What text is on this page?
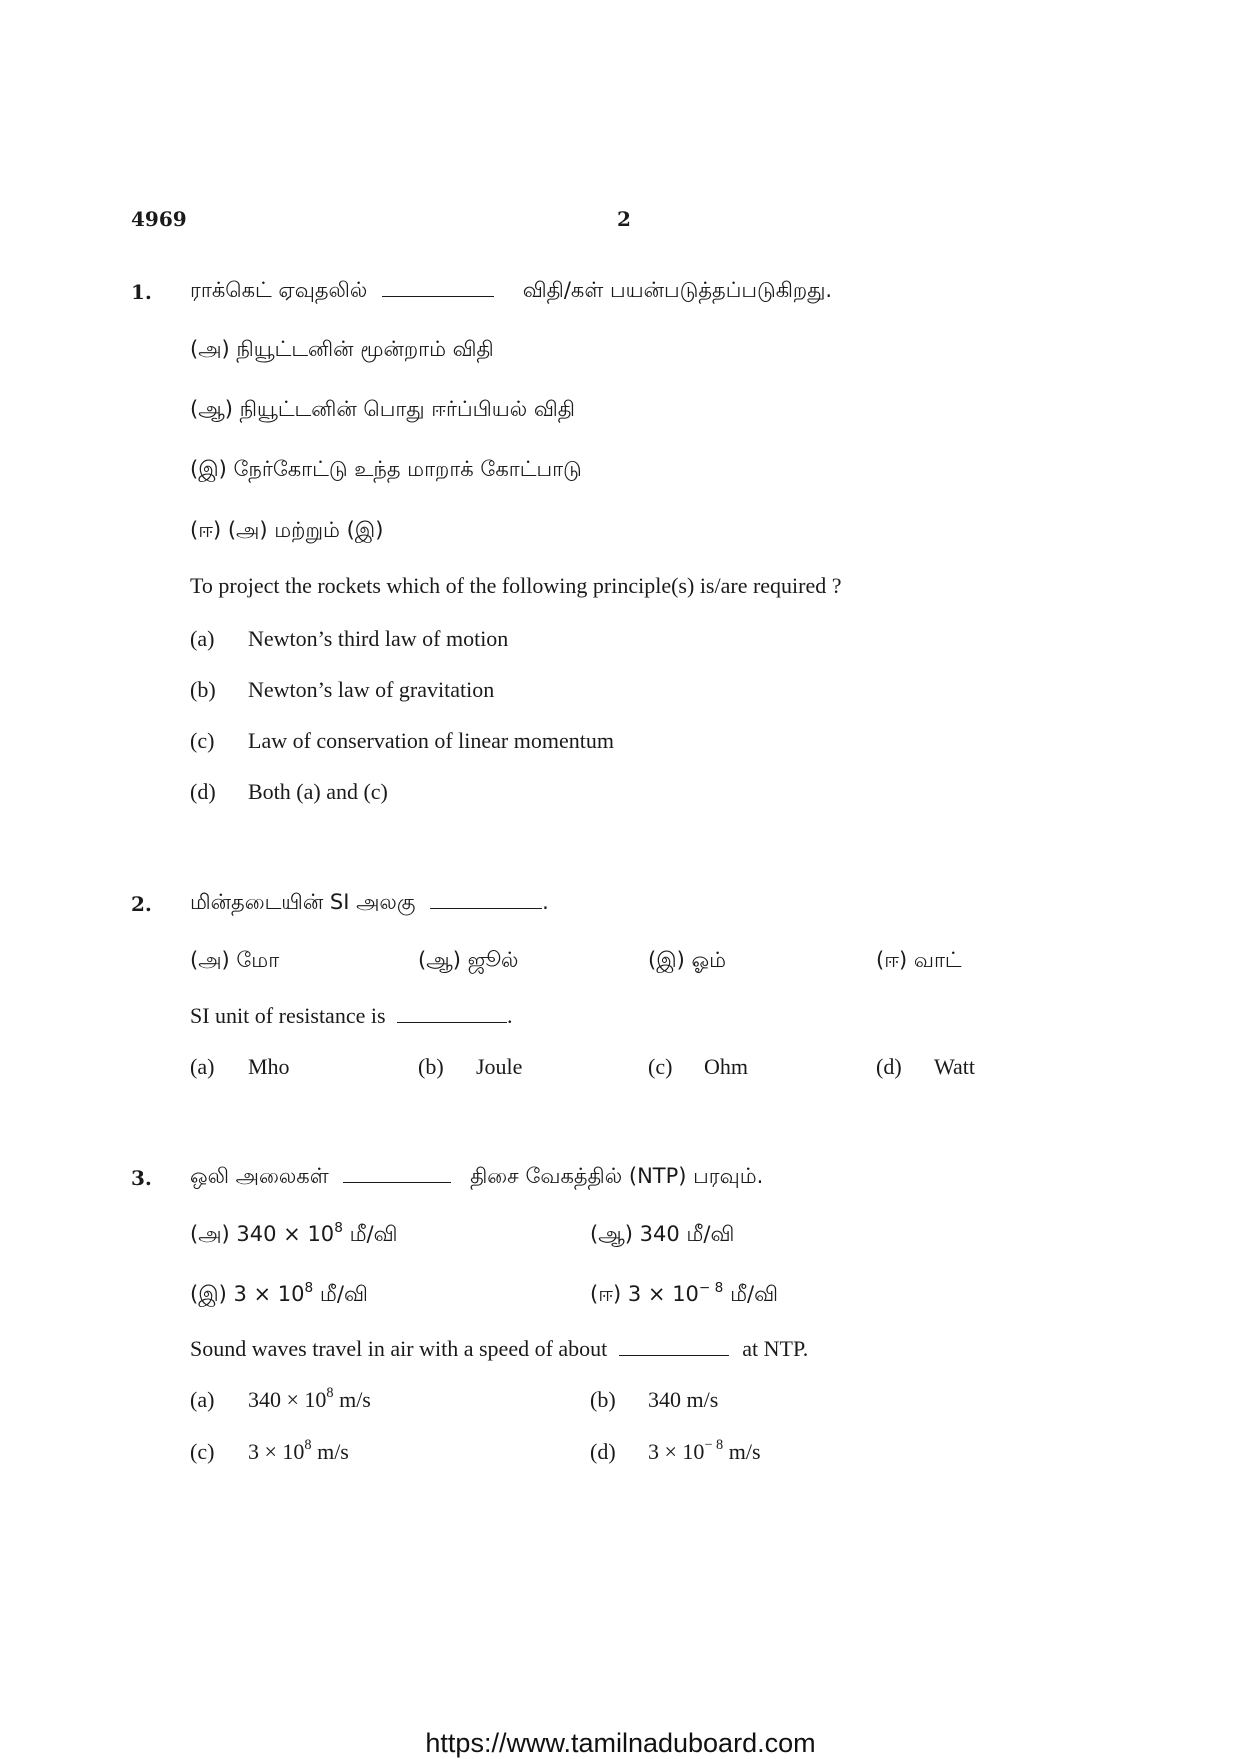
4969	2
1. ராக்கெட் ஏவுதலில்	விதி/கள் பயன்படுத்தப்படுகிறது.
(அ) நியூட்டனின் மூன்றாம் விதி
(ஆ) நியூட்டனின் பொது ஈர்ப்பியல் விதி
(இ) நேர்கோட்டு உந்த மாறாக் கோட்பாடு
(ஈ) (அ) மற்றும் (இ)
To project the rockets which of the following principle(s) is/are required ?
(a) Newton’s third law of motion
(b) Newton’s law of gravitation
(c) Law of conservation of linear momentum
(d) Both (a) and (c)
2. மின்தடையின் SI அலகு	.
(அ) மோ	(ஆ) ஜூல்	(இ) ஓம்	(ஈ) வாட்
SI unit of resistance is	.
(a) Mho	(b) Joule	(c) Ohm	(d) Watt
3. ஒலி அலைகள்	திசை வேகத்தில் (NTP) பரவும்.
(அ) $340 \times 10^8$ மீ/வி	(ஆ) 340 மீ/வி
(இ) $3 \times 10^8$ மீ/வி	(ஈ) $3 \times 10^{- 8}$ மீ/வி
Sound waves travel in air with a speed of about	at NTP.
(a) $340 \times 10^8$ m/s	(b) 340 m/s
(c) $3 \times 10^8$ m/s	(d) $3 \times 10^{- 8}$ m/s
https://www.tamilnaduboard.com
